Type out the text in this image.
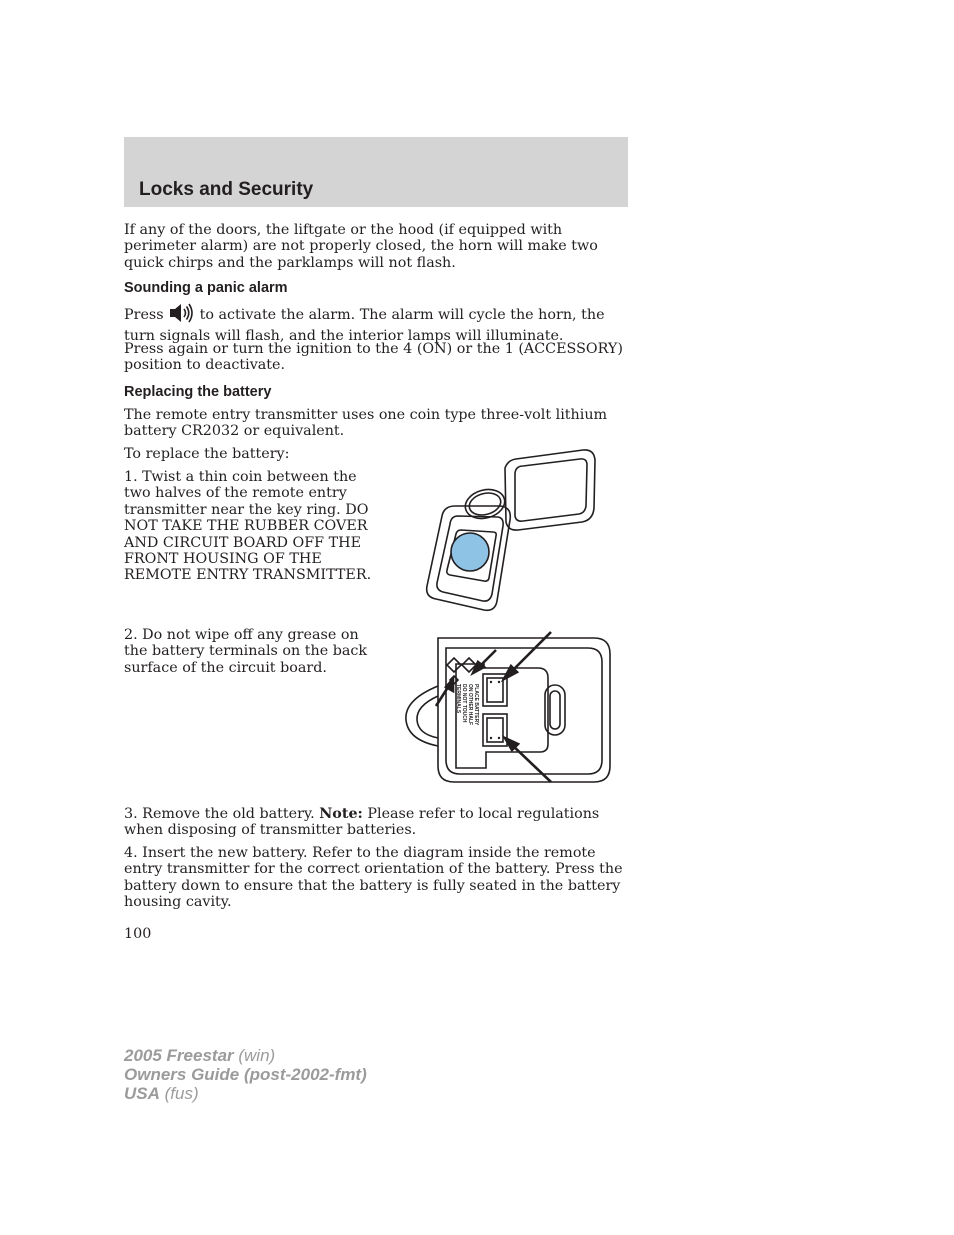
Locks and Security

If any of the doors, the liftgate or the hood (if equipped with perimeter alarm) are not properly closed, the horn will make two quick chirps and the parklamps will not flash.

Sounding a panic alarm

Press	to activate the alarm. The alarm will cycle the horn, the turn signals will flash, and the interior lamps will illuminate.

Press again or turn the ignition to the 4 (ON) or the 1 (ACCESSORY) position to deactivate.

Replacing the battery

The remote entry transmitter uses one coin type three-volt lithium battery CR2032 or equivalent.

To replace the battery:

1. Twist a thin coin between the two halves of the remote entry transmitter near the key ring. DO NOT TAKE THE RUBBER COVER AND CIRCUIT BOARD OFF THE FRONT HOUSING OF THE REMOTE ENTRY TRANSMITTER.

2. Do not wipe off any grease on the battery terminals on the back surface of the circuit board.

PLACE BATTERY
ON OTHER HALF
DO NOT TOUCH
TERMINALS

3. Remove the old battery. Note: Please refer to local regulations when disposing of transmitter batteries.

4. Insert the new battery. Refer to the diagram inside the remote entry transmitter for the correct orientation of the battery. Press the battery down to ensure that the battery is fully seated in the battery housing cavity.

100
2005 Freestar (win)
Owners Guide (post-2002-fmt)
USA (fus)
